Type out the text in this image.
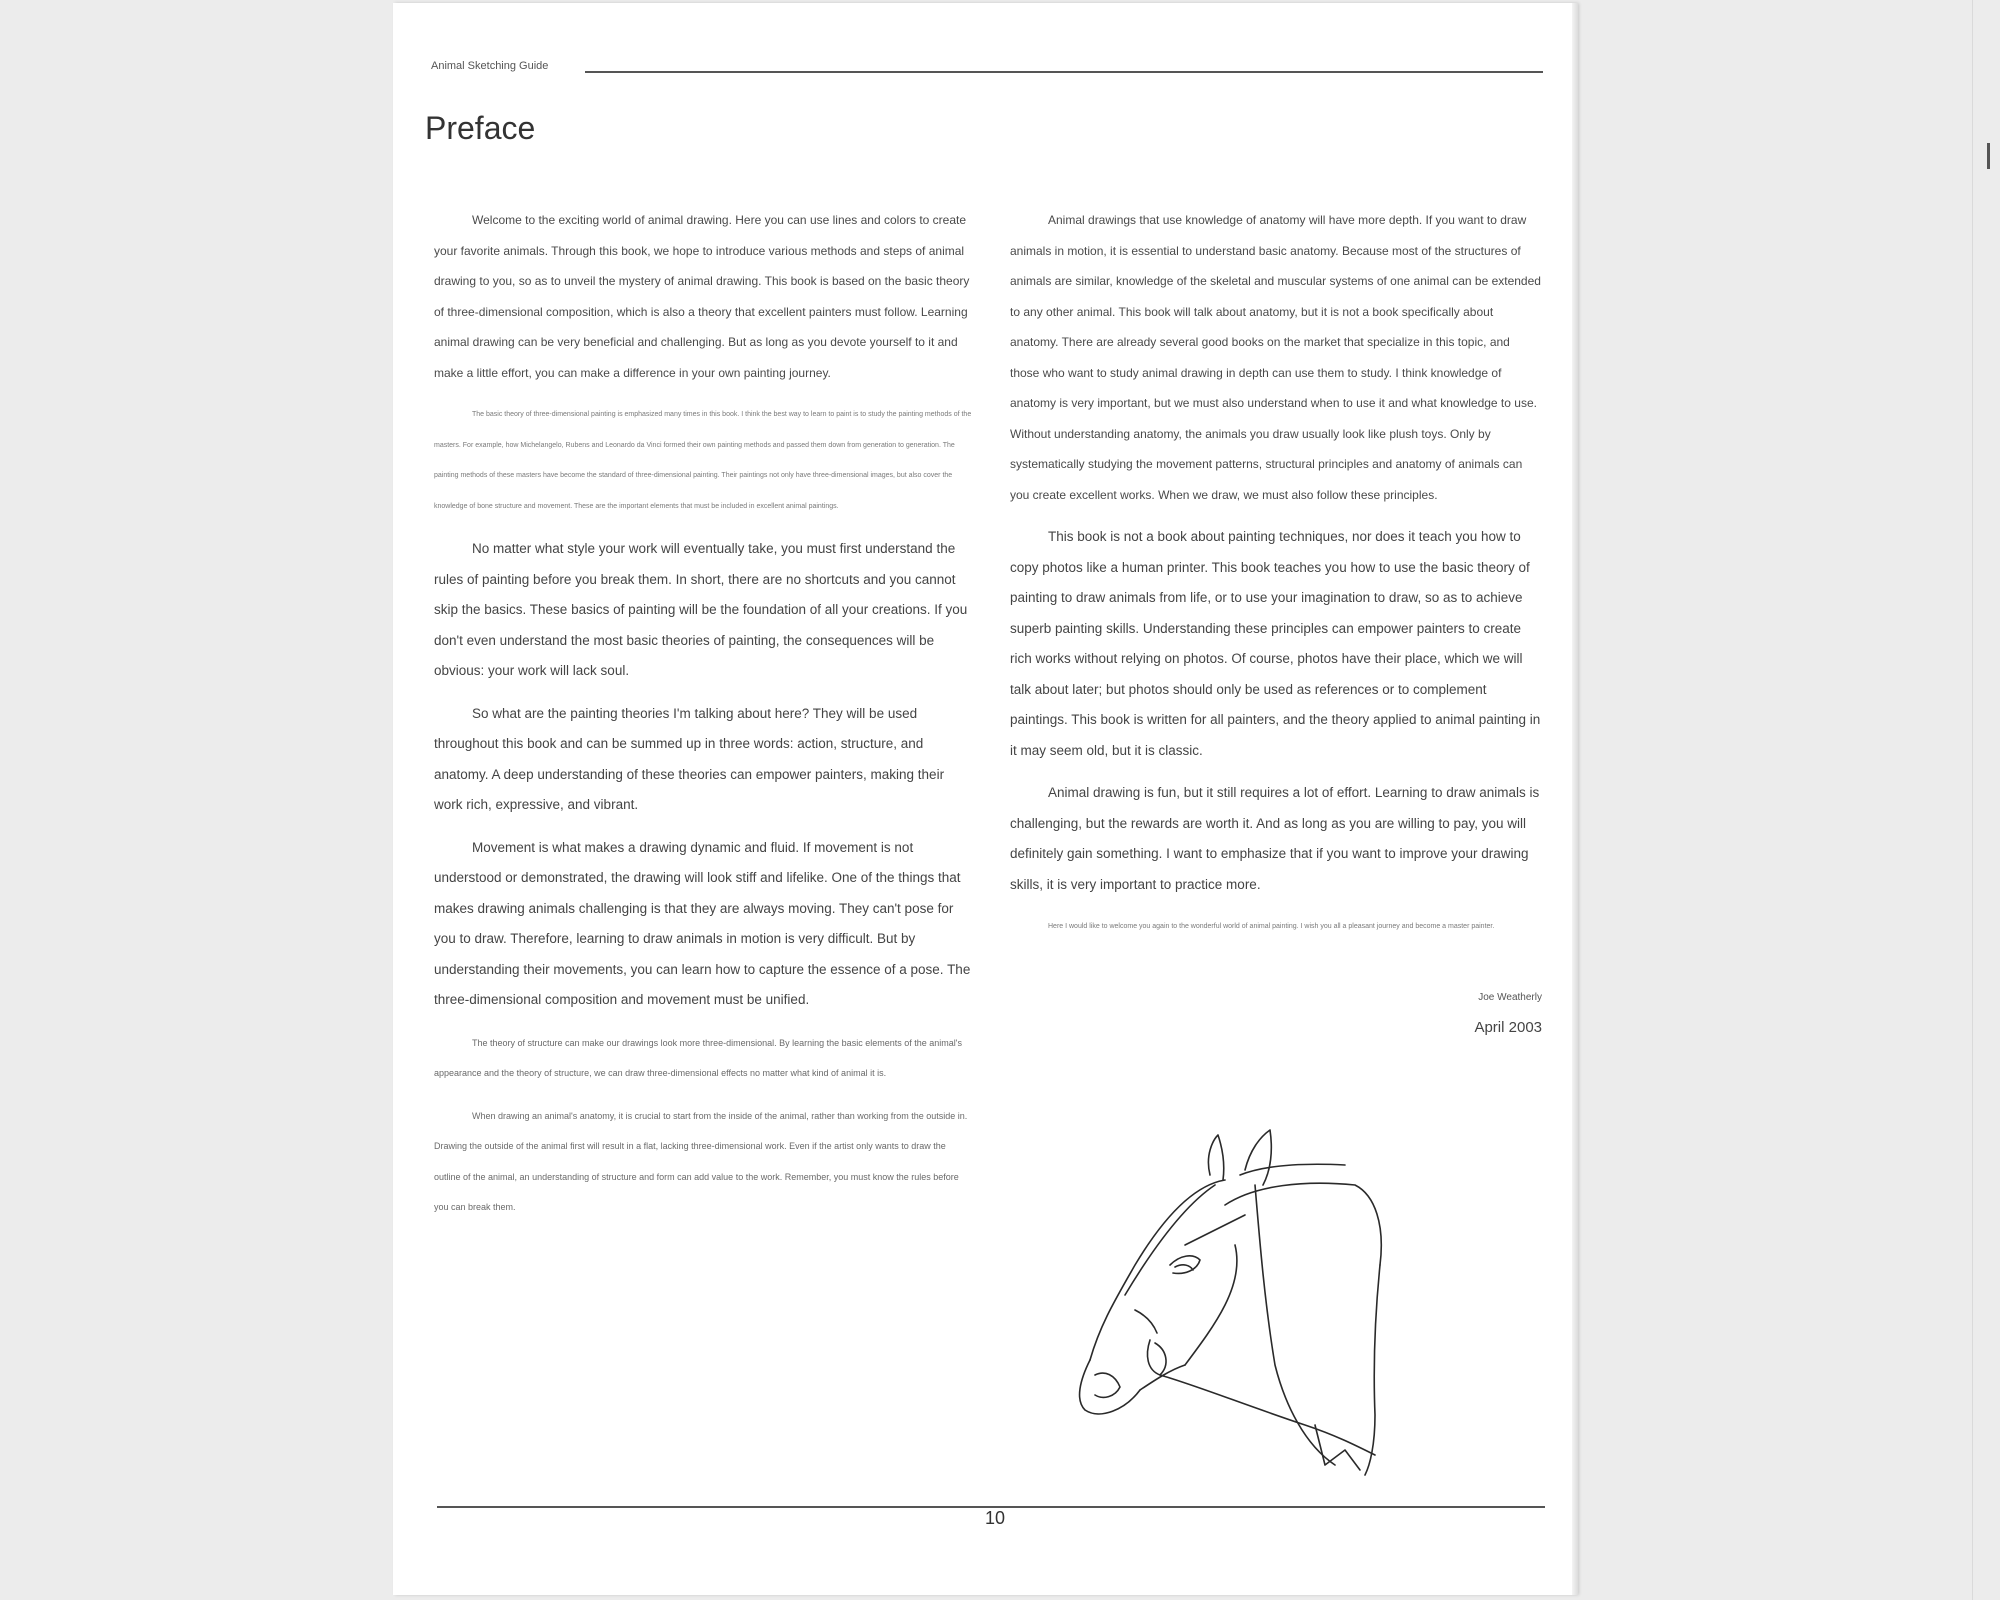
Animal Sketching Guide
Preface

Welcome to the exciting world of animal drawing. Here you can use lines and colors to create your favorite animals. Through this book, we hope to introduce various methods and steps of animal drawing to you, so as to unveil the mystery of animal drawing. This book is based on the basic theory of three-dimensional composition, which is also a theory that excellent painters must follow. Learning animal drawing can be very beneficial and challenging. But as long as you devote yourself to it and make a little effort, you can make a difference in your own painting journey.

The basic theory of three-dimensional painting is emphasized many times in this book. I think the best way to learn to paint is to study the painting methods of the masters. For example, how Michelangelo, Rubens and Leonardo da Vinci formed their own painting methods and passed them down from generation to generation. The painting methods of these masters have become the standard of three-dimensional painting. Their paintings not only have three-dimensional images, but also cover the knowledge of bone structure and movement. These are the important elements that must be included in excellent animal paintings.

No matter what style your work will eventually take, you must first understand the rules of painting before you break them. In short, there are no shortcuts and you cannot skip the basics. These basics of painting will be the foundation of all your creations. If you don't even understand the most basic theories of painting, the consequences will be obvious: your work will lack soul.

So what are the painting theories I'm talking about here? They will be used throughout this book and can be summed up in three words: action, structure, and anatomy. A deep understanding of these theories can empower painters, making their work rich, expressive, and vibrant.

Movement is what makes a drawing dynamic and fluid. If movement is not understood or demonstrated, the drawing will look stiff and lifelike. One of the things that makes drawing animals challenging is that they are always moving. They can't pose for you to draw. Therefore, learning to draw animals in motion is very difficult. But by understanding their movements, you can learn how to capture the essence of a pose. The three-dimensional composition and movement must be unified.

The theory of structure can make our drawings look more three-dimensional. By learning the basic elements of the animal's appearance and the theory of structure, we can draw three-dimensional effects no matter what kind of animal it is.

When drawing an animal's anatomy, it is crucial to start from the inside of the animal, rather than working from the outside in. Drawing the outside of the animal first will result in a flat, lacking three-dimensional work. Even if the artist only wants to draw the outline of the animal, an understanding of structure and form can add value to the work. Remember, you must know the rules before you can break them.

Animal drawings that use knowledge of anatomy will have more depth. If you want to draw animals in motion, it is essential to understand basic anatomy. Because most of the structures of animals are similar, knowledge of the skeletal and muscular systems of one animal can be extended to any other animal. This book will talk about anatomy, but it is not a book specifically about anatomy. There are already several good books on the market that specialize in this topic, and those who want to study animal drawing in depth can use them to study. I think knowledge of anatomy is very important, but we must also understand when to use it and what knowledge to use. Without understanding anatomy, the animals you draw usually look like plush toys. Only by systematically studying the movement patterns, structural principles and anatomy of animals can you create excellent works. When we draw, we must also follow these principles.

This book is not a book about painting techniques, nor does it teach you how to copy photos like a human printer. This book teaches you how to use the basic theory of painting to draw animals from life, or to use your imagination to draw, so as to achieve superb painting skills. Understanding these principles can empower painters to create rich works without relying on photos. Of course, photos have their place, which we will talk about later; but photos should only be used as references or to complement paintings. This book is written for all painters, and the theory applied to animal painting in it may seem old, but it is classic.

Animal drawing is fun, but it still requires a lot of effort. Learning to draw animals is challenging, but the rewards are worth it. And as long as you are willing to pay, you will definitely gain something. I want to emphasize that if you want to improve your drawing skills, it is very important to practice more.

Here I would like to welcome you again to the wonderful world of animal painting. I wish you all a pleasant journey and become a master painter.

Joe Weatherly
April 2003
10
